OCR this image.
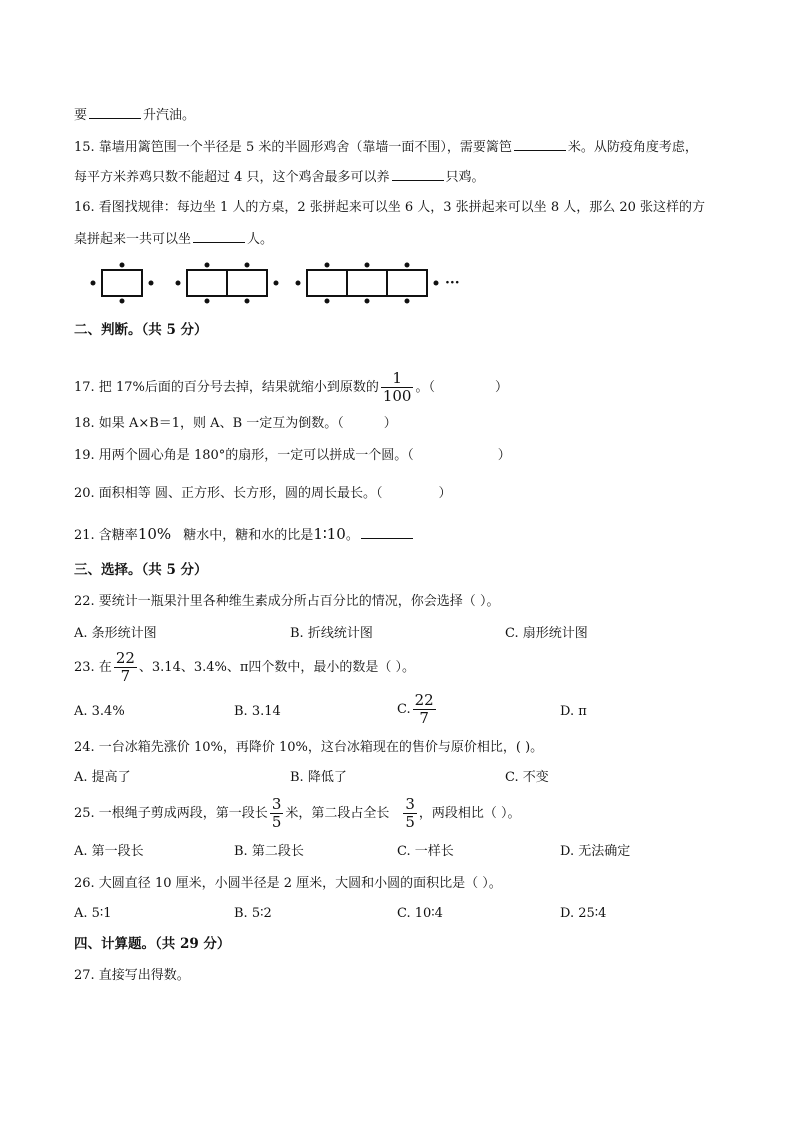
要	升汽油。
15. 靠墙用篱笆围一个半径是 5 米的半圆形鸡舍（靠墙一面不围），需要篱笆	米。从防疫角度考虑，
每平方米养鸡只数不能超过 4 只，这个鸡舍最多可以养	只鸡。
16. 看图找规律：每边坐 1 人的方桌，2 张拼起来可以坐 6 人，3 张拼起来可以坐 8 人，那么 20 张这样的方
桌拼起来一共可以坐	人。
···
二、判断。（共 5 分）
17. 把 17%后面的百分号去掉，结果就缩小到原数的 $\frac{1}{100}$ 。（	）
18. 如果 A×B＝1，则 A、B 一定互为倒数。（	）
19. 用两个圆心角是 180°的扇形，一定可以拼成一个圆。（	）
20. 面积相等 圆、正方形、长方形，圆的周长最长。（	）
21. 含糖率10% 糖水中，糖和水的比是1∶10。
三、选择。（共 5 分）
22. 要统计一瓶果汁里各种维生素成分所占百分比的情况，你会选择（ ）。
A. 条形统计图	B. 折线统计图	C. 扇形统计图
23. 在 $\frac{22}{7}$ 、3.14、3.4%、π四个数中，最小的数是（ ）。
A. 3.4%	B. 3.14	C. $\frac{22}{7}$	D. π
24. 一台冰箱先涨价 10%，再降价 10%，这台冰箱现在的售价与原价相比，( )。
A. 提高了	B. 降低了	C. 不变
25. 一根绳子剪成两段，第一段长 $\frac{3}{5}$ 米，第二段占全长 $\frac{3}{5}$ ，两段相比（ ）。
A. 第一段长	B. 第二段长	C. 一样长	D. 无法确定
26. 大圆直径 10 厘米，小圆半径是 2 厘米，大圆和小圆的面积比是（ ）。
A. 5∶1	B. 5∶2	C. 10∶4	D. 25∶4
四、计算题。（共 29 分）
27. 直接写出得数。
